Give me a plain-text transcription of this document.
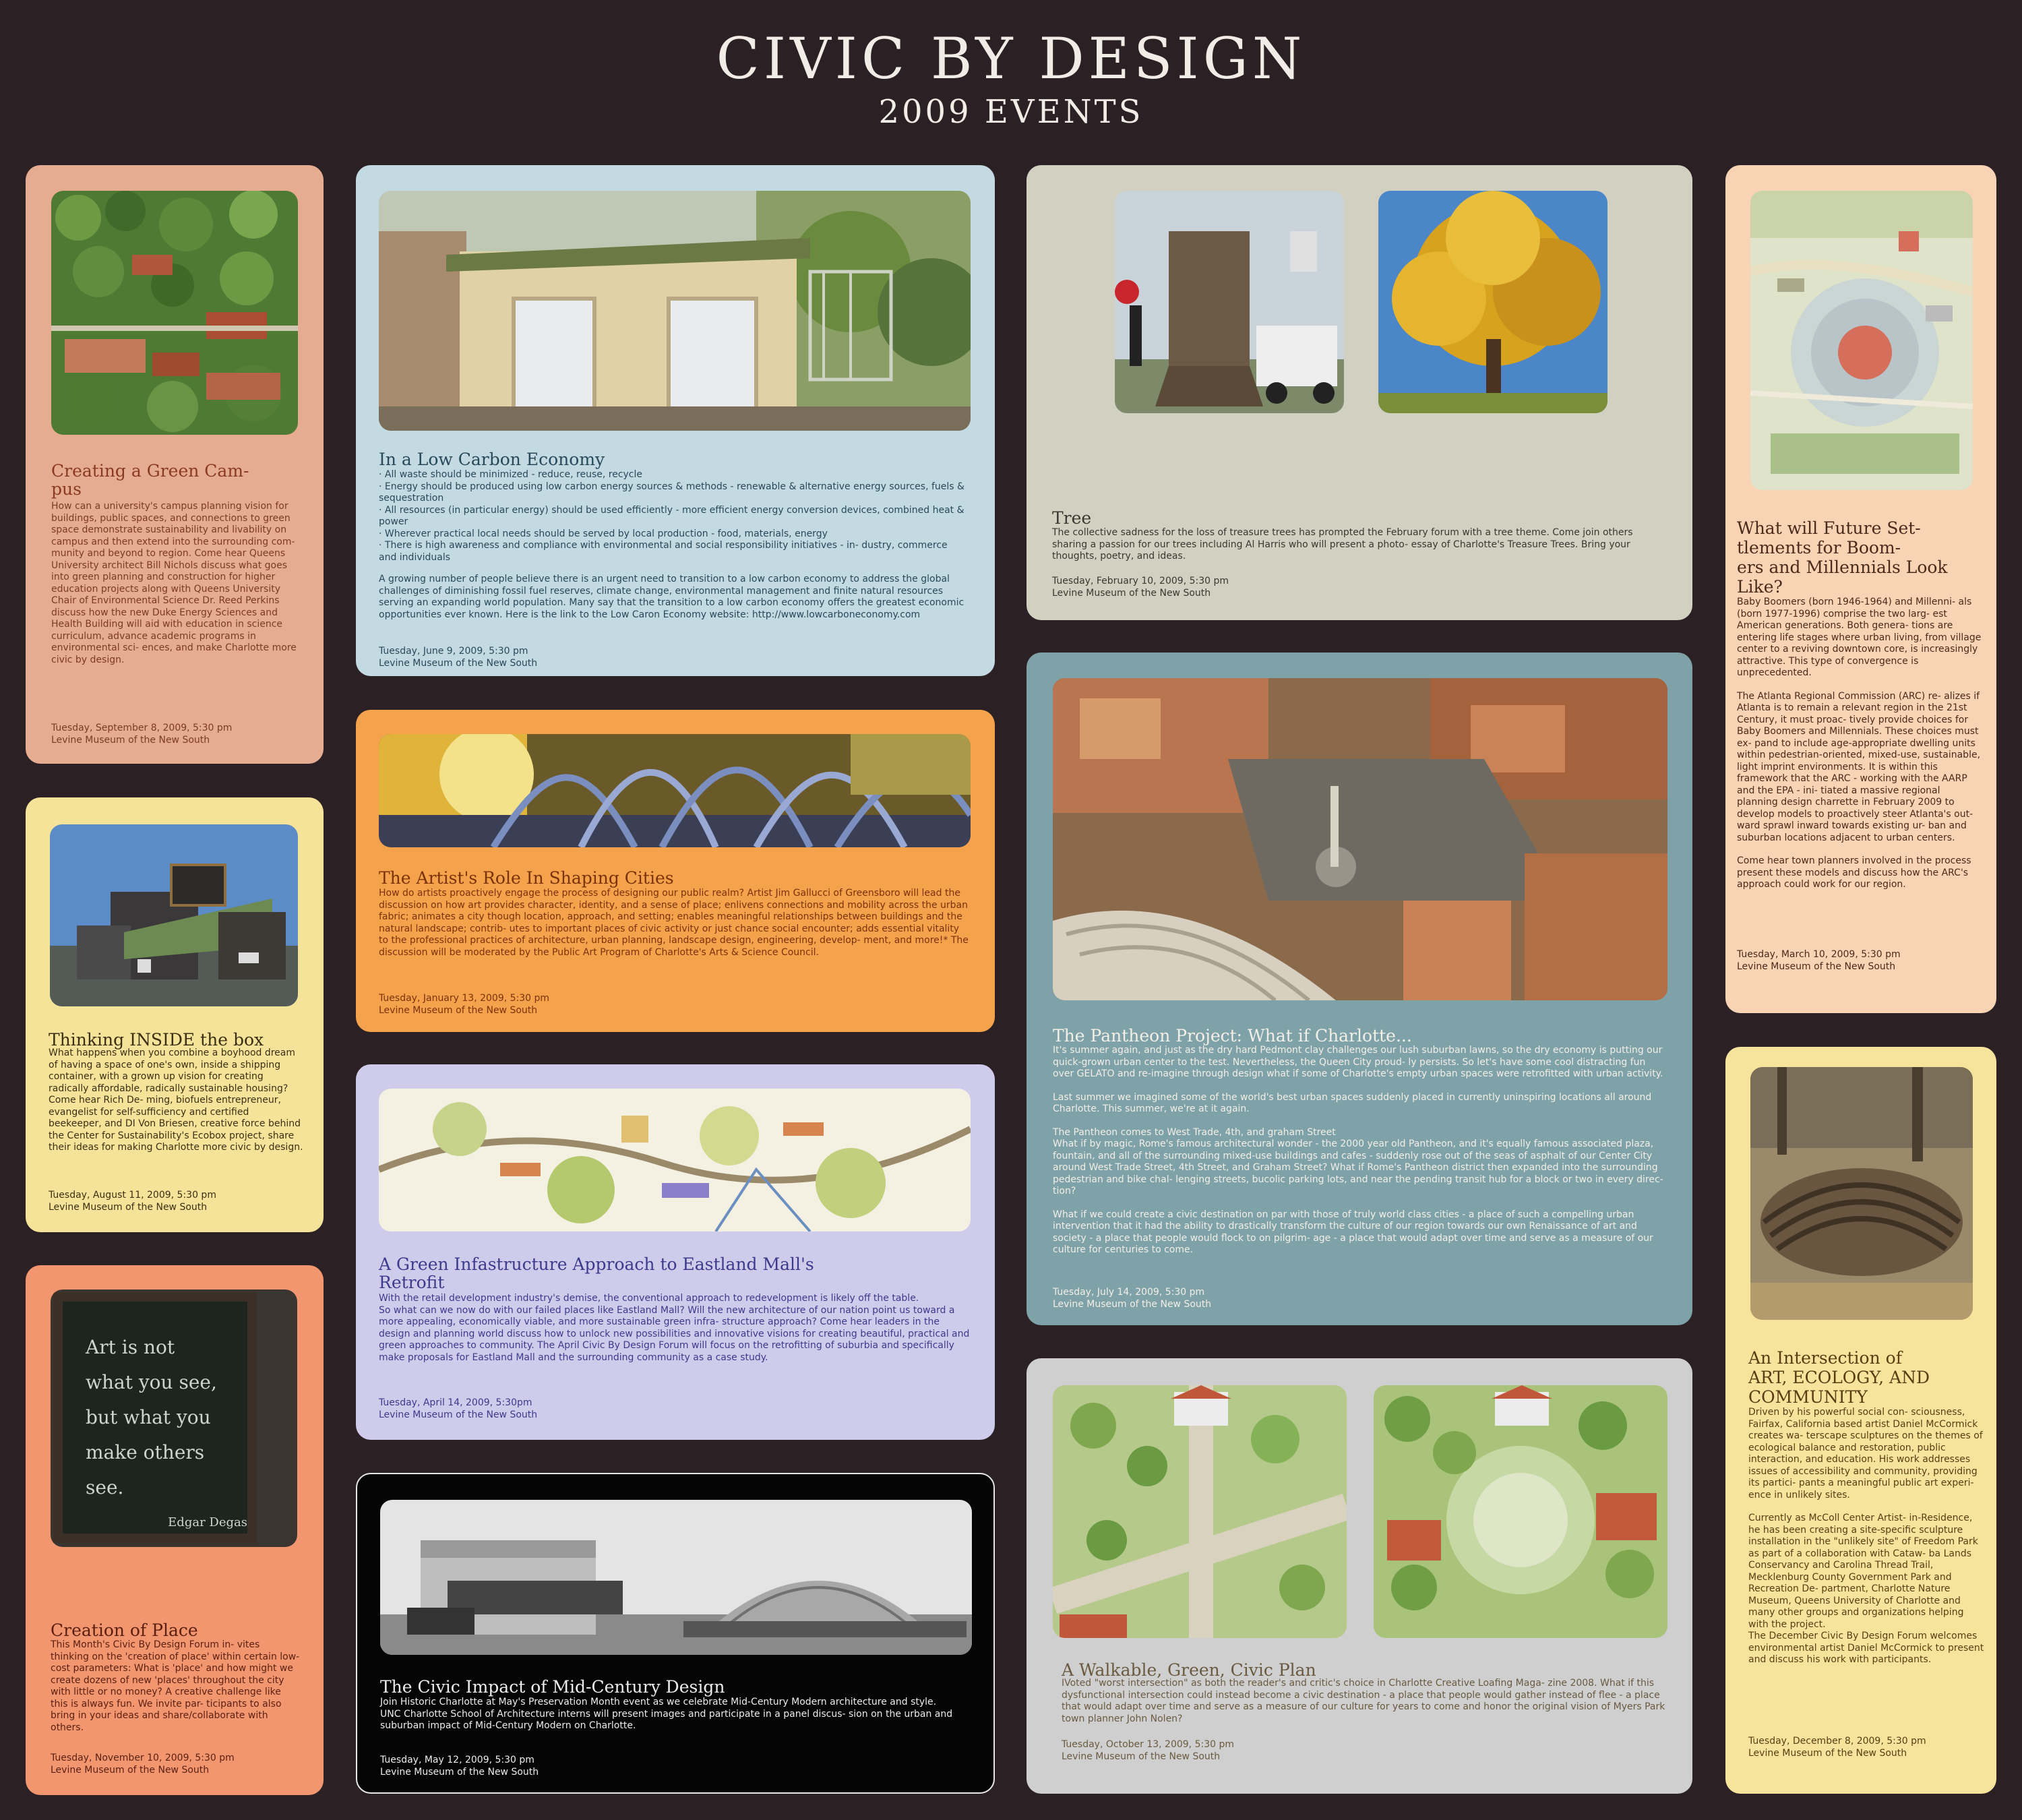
CIVIC BY DESIGN
2009 EVENTS
Creating a Green Cam-
pus
How can a university's campus planning vision for buildings, public spaces, and connections to green space demonstrate sustainability and livability on campus and then extend into the surrounding com- munity and beyond to region. Come hear Queens University architect Bill Nichols discuss what goes into green planning and construction for higher education projects along with Queens University Chair of Environmental Science Dr. Reed Perkins discuss how the new Duke Energy Sciences and Health Building will aid with education in science curriculum, advance academic programs in environmental sci- ences, and make Charlotte more civic by design.
Tuesday, September 8, 2009, 5:30 pm
Levine Museum of the New South
In a Low Carbon Economy
· All waste should be minimized - reduce, reuse, recycle
· Energy should be produced using low carbon energy sources & methods - renewable & alternative energy sources, fuels & sequestration
· All resources (in particular energy) should be used efficiently - more efficient energy conversion devices, combined heat & power
· Wherever practical local needs should be served by local production - food, materials, energy
· There is high awareness and compliance with environmental and social responsibility initiatives - in- dustry, commerce and individuals
A growing number of people believe there is an urgent need to transition to a low carbon economy to address the global challenges of diminishing fossil fuel reserves, climate change, environmental management and finite natural resources serving an expanding world population. Many say that the transition to a low carbon economy offers the greatest economic opportunities ever known. Here is the link to the Low Caron Economy website: http://www.lowcarboneconomy.com
Tuesday, June 9, 2009, 5:30 pm
Levine Museum of the New South
Tree
The collective sadness for the loss of treasure trees has prompted the February forum with a tree theme. Come join others sharing a passion for our trees including Al Harris who will present a photo- essay of Charlotte's Treasure Trees. Bring your thoughts, poetry, and ideas.
Tuesday, February 10, 2009, 5:30 pm
Levine Museum of the New South
What will Future Set-
tlements for Boom-
ers and Millennials Look
Like?

Baby Boomers (born 1946-1964) and Millenni- als (born 1977-1996) comprise the two larg- est American generations. Both genera- tions are entering life stages where urban living, from village center to a reviving downtown core, is increasingly attractive. This type of convergence is unprecedented.

The Atlanta Regional Commission (ARC) re- alizes if Atlanta is to remain a relevant region in the 21st Century, it must proac- tively provide choices for Baby Boomers and Millennials. These choices must ex- pand to include age-appropriate dwelling units within pedestrian-oriented, mixed-use, sustainable, light imprint environments. It is within this framework that the ARC - working with the AARP and the EPA - ini- tiated a massive regional planning design charrette in February 2009 to develop models to proactively steer Atlanta's out- ward sprawl inward towards existing ur- ban and suburban locations adjacent to urban centers.

Come hear town planners involved in the process present these models and discuss how the ARC's approach could work for our region.

Tuesday, March 10, 2009, 5:30 pm
Levine Museum of the New South
Thinking INSIDE the box
What happens when you combine a boyhood dream of having a space of one's own, inside a shipping container, with a grown up vision for creating radically affordable, radically sustainable housing? Come hear Rich De- ming, biofuels entrepreneur, evangelist for self-sufficiency and certified beekeeper, and DI Von Briesen, creative force behind the Center for Sustainability's Ecobox project, share their ideas for making Charlotte more civic by design.
Tuesday, August 11, 2009, 5:30 pm
Levine Museum of the New South
The Artist's Role In Shaping Cities
How do artists proactively engage the process of designing our public realm? Artist Jim Gallucci of Greensboro will lead the discussion on how art provides character, identity, and a sense of place; enlivens connections and mobility across the urban fabric; animates a city though location, approach, and setting; enables meaningful relationships between buildings and the natural landscape; contrib- utes to important places of civic activity or just chance social encounter; adds essential vitality to the professional practices of architecture, urban planning, landscape design, engineering, develop- ment, and more!* The discussion will be moderated by the Public Art Program of Charlotte's Arts & Science Council.
Tuesday, January 13, 2009, 5:30 pm
Levine Museum of the New South
The Pantheon Project: What if Charlotte...

It's summer again, and just as the dry hard Pedmont clay challenges our lush suburban lawns, so the dry economy is putting our quick-grown urban center to the test. Nevertheless, the Queen City proud- ly persists. So let's have some cool distracting fun over GELATO and re-imagine through design what if some of Charlotte's empty urban spaces were retrofitted with urban activity.

Last summer we imagined some of the world's best urban spaces suddenly placed in currently uninspiring locations all around Charlotte. This summer, we're at it again.

The Pantheon comes to West Trade, 4th, and graham Street
What if by magic, Rome's famous architectural wonder - the 2000 year old Pantheon, and it's equally famous associated plaza, fountain, and all of the surrounding mixed-use buildings and cafes - suddenly rose out of the seas of asphalt of our Center City around West Trade Street, 4th Street, and Graham Street? What if Rome's Pantheon district then expanded into the surrounding pedestrian and bike chal- lenging streets, bucolic parking lots, and near the pending transit hub for a block or two in every direc- tion?

What if we could create a civic destination on par with those of truly world class cities - a place of such a compelling urban intervention that it had the ability to drastically transform the culture of our region towards our own Renaissance of art and society - a place that people would flock to on pilgrim- age - a place that would adapt over time and serve as a measure of our culture for centuries to come.

Tuesday, July 14, 2009, 5:30 pm
Levine Museum of the New South
A Green Infastructure Approach to Eastland Mall's
Retrofit
With the retail development industry's demise, the conventional approach to redevelopment is likely off the table.
So what can we now do with our failed places like Eastland Mall? Will the new architecture of our nation point us toward a more appealing, economically viable, and more sustainable green infra- structure approach? Come hear leaders in the design and planning world discuss how to unlock new possibilities and innovative visions for creating beautiful, practical and green approaches to community. The April Civic By Design Forum will focus on the retrofitting of suburbia and specifically make proposals for Eastland Mall and the surrounding community as a case study.
Tuesday, April 14, 2009, 5:30pm
Levine Museum of the New South
An Intersection of
ART, ECOLOGY, AND
COMMUNITY

Driven by his powerful social con- sciousness, Fairfax, California based artist Daniel McCormick creates wa- terscape sculptures on the themes of ecological balance and restoration, public interaction, and education. His work addresses issues of accessibility and community, providing its partici- pants a meaningful public art experi- ence in unlikely sites.

Currently as McColl Center Artist- in-Residence, he has been creating a site-specific sculpture installation in the "unlikely site" of Freedom Park as part of a collaboration with Cataw- ba Lands Conservancy and Carolina Thread Trail, Mecklenburg County Government Park and Recreation De- partment, Charlotte Nature Museum, Queens University of Charlotte and many other groups and organizations helping with the project.
The December Civic By Design Forum welcomes environmental artist Daniel McCormick to present and discuss his work with participants.

Tuesday, December 8, 2009, 5:30 pm
Levine Museum of the New South
Art is not
what you see,
but what you
make others see.
Edgar Degas
Creation of Place
This Month's Civic By Design Forum in- vites thinking on the 'creation of place' within certain low-cost parameters: What is 'place' and how might we create dozens of new 'places' throughout the city with little or no money? A creative challenge like this is always fun. We invite par- ticipants to also bring in your ideas and share/collaborate with others.
Tuesday, November 10, 2009, 5:30 pm
Levine Museum of the New South
The Civic Impact of Mid-Century Design
Join Historic Charlotte at May's Preservation Month event as we celebrate Mid-Century Modern architecture and style.
UNC Charlotte School of Architecture interns will present images and participate in a panel discus- sion on the urban and suburban impact of Mid-Century Modern on Charlotte.
Tuesday, May 12, 2009, 5:30 pm
Levine Museum of the New South
A Walkable, Green, Civic Plan
IVoted "worst intersection" as both the reader's and critic's choice in Charlotte Creative Loafing Maga- zine 2008. What if this dysfunctional intersection could instead become a civic destination - a place that people would gather instead of flee - a place that would adapt over time and serve as a measure of our culture for years to come and honor the original vision of Myers Park town planner John Nolen?
Tuesday, October 13, 2009, 5:30 pm
Levine Museum of the New South
